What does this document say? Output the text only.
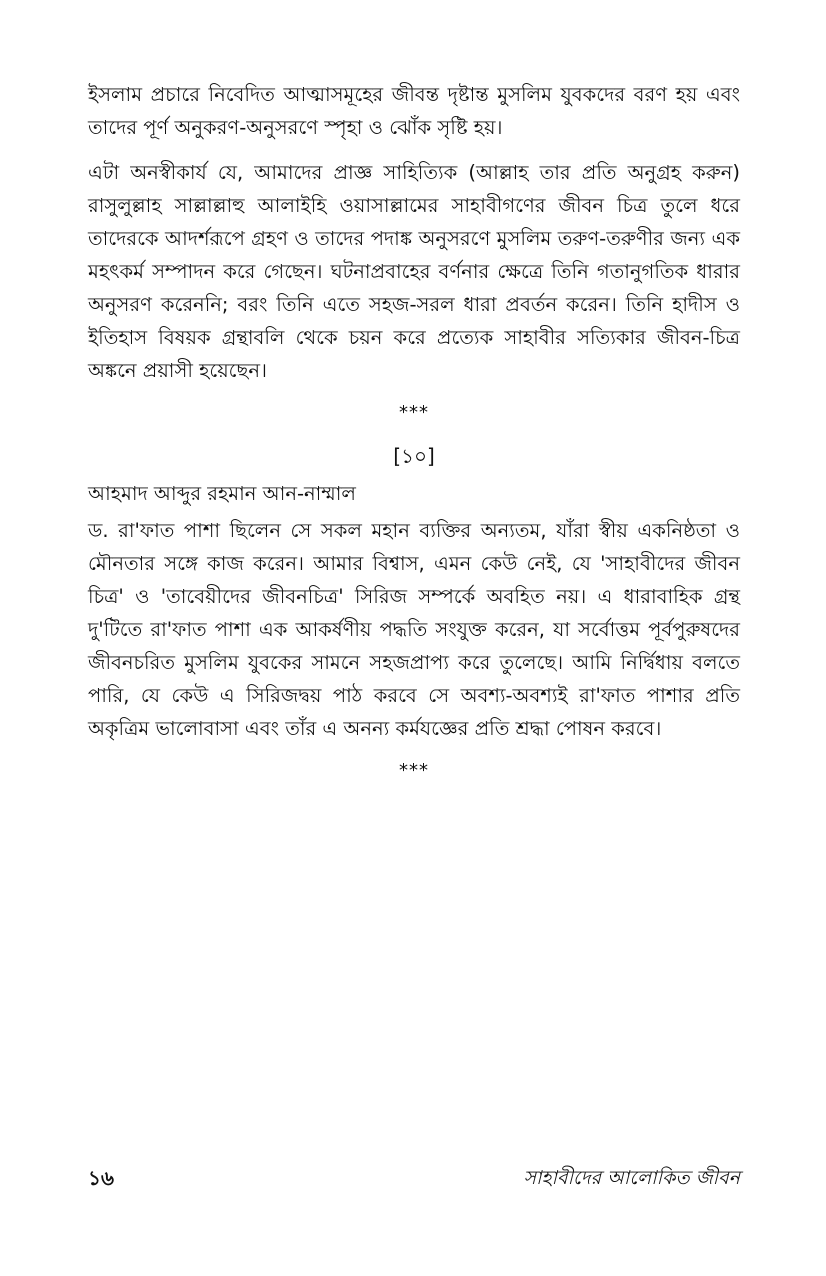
ইসলাম প্রচারে নিবেদিত আত্মাসমূহের জীবন্ত দৃষ্টান্ত মুসলিম যুবকদের বরণ হয় এবং তাদের পূর্ণ অনুকরণ-অনুসরণে স্পৃহা ও ঝোঁক সৃষ্টি হয়।

এটা অনস্বীকার্য যে, আমাদের প্রাজ্ঞ সাহিত্যিক (আল্লাহ তার প্রতি অনুগ্রহ করুন) রাসুলুল্লাহ সাল্লাল্লাহু আলাইহি ওয়াসাল্লামের সাহাবীগণের জীবন চিত্র তুলে ধরে তাদেরকে আদর্শরূপে গ্রহণ ও তাদের পদাঙ্ক অনুসরণে মুসলিম তরুণ-তরুণীর জন্য এক মহৎকর্ম সম্পাদন করে গেছেন। ঘটনাপ্রবাহের বর্ণনার ক্ষেত্রে তিনি গতানুগতিক ধারার অনুসরণ করেননি; বরং তিনি এতে সহজ-সরল ধারা প্রবর্তন করেন। তিনি হাদীস ও ইতিহাস বিষয়ক গ্রন্থাবলি থেকে চয়ন করে প্রত্যেক সাহাবীর সত্যিকার জীবন-চিত্র অঙ্কনে প্রয়াসী হয়েছেন।

***
[১০]
আহমাদ আব্দুর রহমান আন-নাম্মাল

ড. রা'ফাত পাশা ছিলেন সে সকল মহান ব্যক্তির অন্যতম, যাঁরা স্বীয় একনিষ্ঠতা ও মৌনতার সঙ্গে কাজ করেন। আমার বিশ্বাস, এমন কেউ নেই, যে 'সাহাবীদের জীবন চিত্র' ও 'তাবেয়ীদের জীবনচিত্র' সিরিজ সম্পর্কে অবহিত নয়। এ ধারাবাহিক গ্রন্থ দু'টিতে রা'ফাত পাশা এক আকর্ষণীয় পদ্ধতি সংযুক্ত করেন, যা সর্বোত্তম পূর্বপুরুষদের জীবনচরিত মুসলিম যুবকের সামনে সহজপ্রাপ্য করে তুলেছে। আমি নির্দ্বিধায় বলতে পারি, যে কেউ এ সিরিজদ্বয় পাঠ করবে সে অবশ্য-অবশ্যই রা'ফাত পাশার প্রতি অকৃত্রিম ভালোবাসা এবং তাঁর এ অনন্য কর্মযজ্ঞের প্রতি শ্রদ্ধা পোষন করবে।

***
১৬	সাহাবীদের আলোকিত জীবন
